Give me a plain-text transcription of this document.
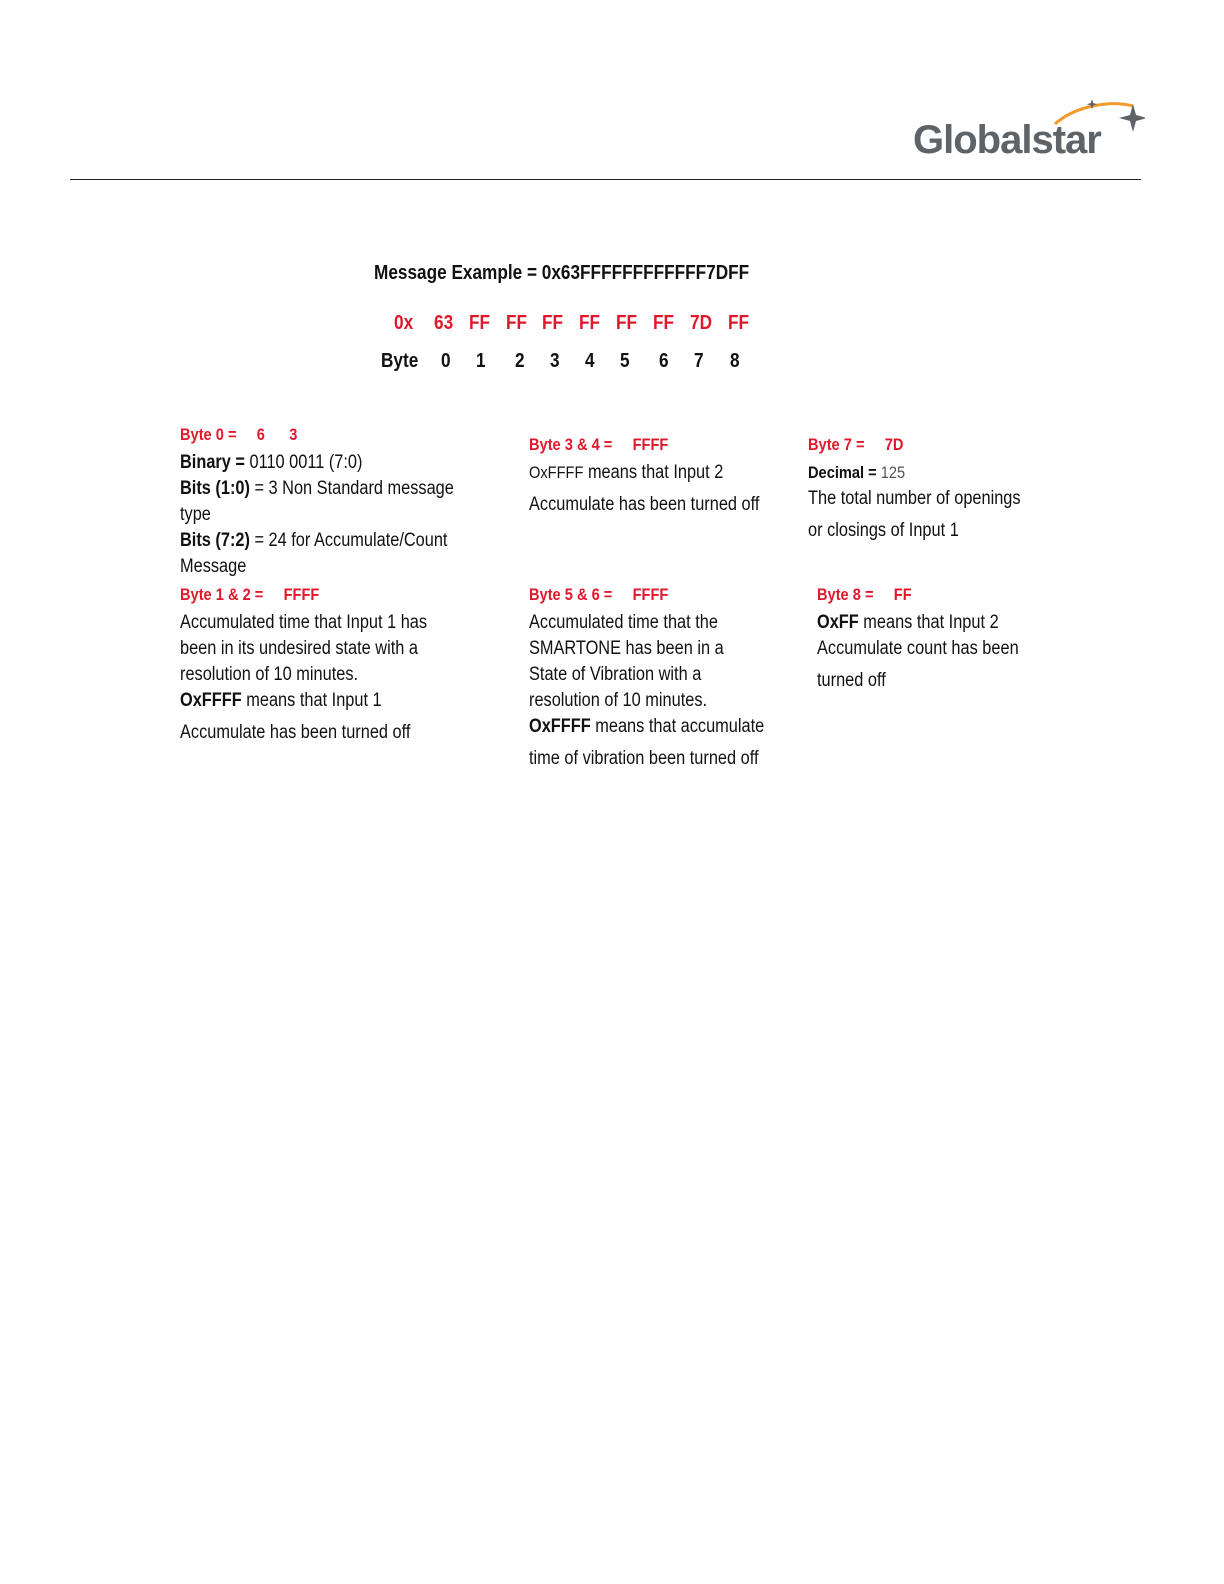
Globalstar
Message Example = 0x63FFFFFFFFFFFF7DFF
0x 63 FF FF FF FF FF FF 7D FF
Byte 0 1 2 3 4 5 6 7 8
Byte 0 =     6      3
Binary = 0110 0011 (7:0)
Bits (1:0) = 3 Non Standard message
type
Bits (7:2) = 24 for Accumulate/Count
Message
Byte 1 & 2 =     FFFF
Accumulated time that Input 1 has
been in its undesired state with a
resolution of 10 minutes.
OxFFFF means that Input 1
Accumulate has been turned off
Byte 3 & 4 =     FFFF
OxFFFF means that Input 2
Accumulate has been turned off
Byte 5 & 6 =     FFFF
Accumulated time that the
SMARTONE has been in a
State of Vibration with a
resolution of 10 minutes.
OxFFFF means that accumulate
time of vibration been turned off
Byte 7 =     7D
Decimal = 125
The total number of openings
or closings of Input 1
Byte 8 =     FF
OxFF means that Input 2
Accumulate count has been
turned off
